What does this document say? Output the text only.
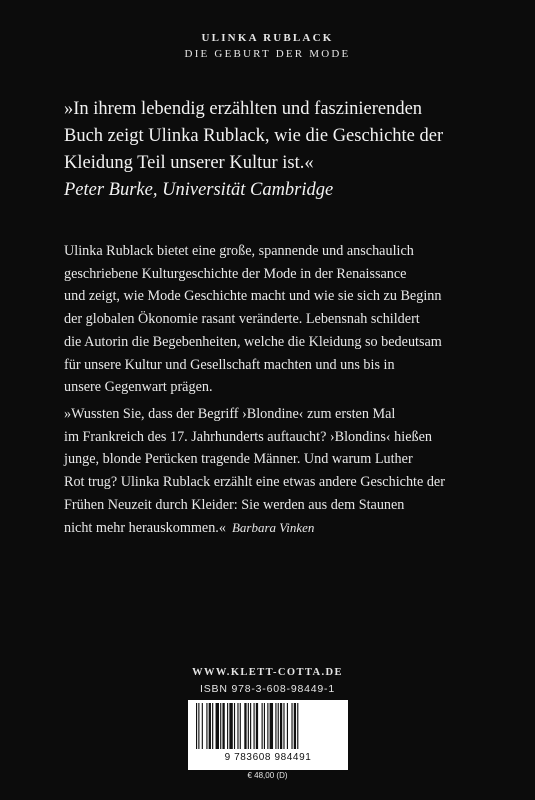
ULINKA RUBLACK
DIE GEBURT DER MODE
»In ihrem lebendig erzählten und faszinierenden
Buch zeigt Ulinka Rublack, wie die Geschichte der
Kleidung Teil unserer Kultur ist.«
Peter Burke, Universität Cambridge
Ulinka Rublack bietet eine große, spannende und anschaulich
geschriebene Kulturgeschichte der Mode in der Renaissance
und zeigt, wie Mode Geschichte macht und wie sie sich zu Beginn
der globalen Ökonomie rasant veränderte. Lebensnah schildert
die Autorin die Begebenheiten, welche die Kleidung so bedeutsam
für unsere Kultur und Gesellschaft machten und uns bis in
unsere Gegenwart prägen.
»Wussten Sie, dass der Begriff ›Blondine‹ zum ersten Mal
im Frankreich des 17. Jahrhunderts auftaucht? ›Blondins‹ hießen
junge, blonde Perücken tragende Männer. Und warum Luther
Rot trug? Ulinka Rublack erzählt eine etwas andere Geschichte der
Frühen Neuzeit durch Kleider: Sie werden aus dem Staunen
nicht mehr herauskommen.« Barbara Vinken
WWW.KLETT-COTTA.DE
ISBN 978-3-608-98449-1
9 783608 984491
€ 48,00 (D)
